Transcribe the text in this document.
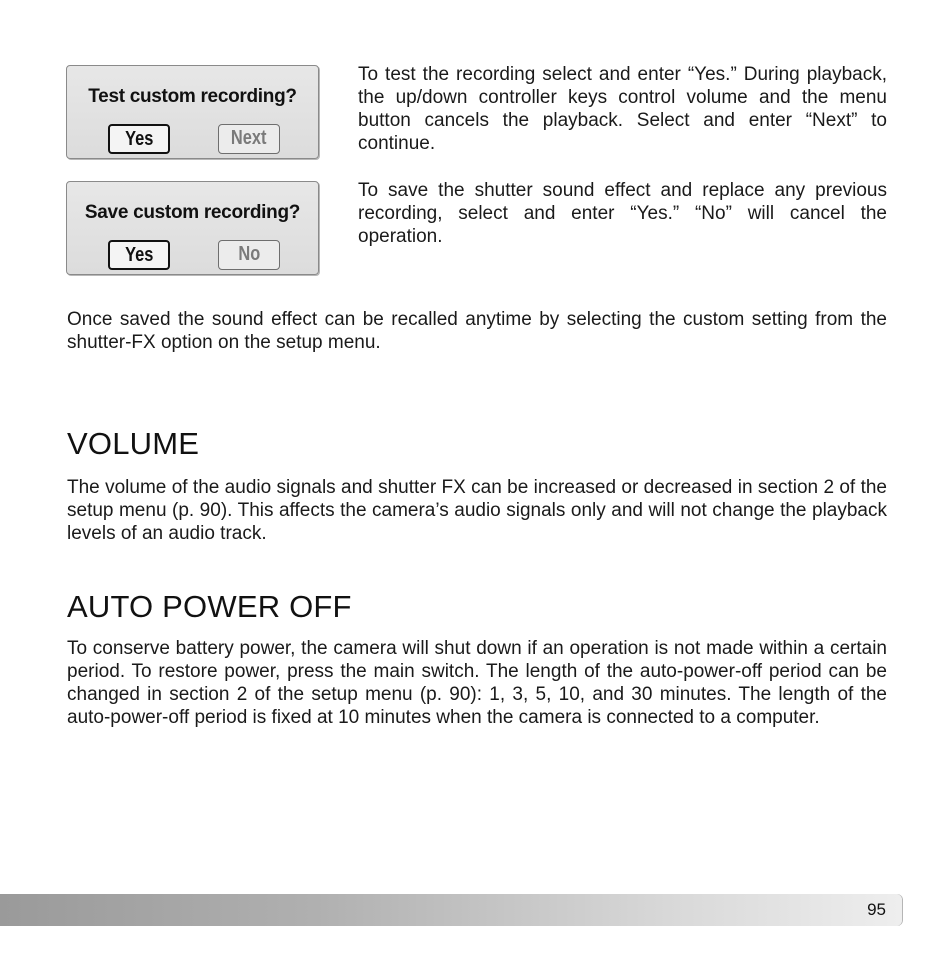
Test custom recording?
Yes	Next

To test the recording select and enter “Yes.” During playback, the up/down controller keys control volume and the menu button cancels the playback. Select and enter “Next” to continue.

Save custom recording?
Yes	No

To save the shutter sound effect and replace any previous recording, select and enter “Yes.” “No” will cancel the operation.

Once saved the sound effect can be recalled anytime by selecting the custom setting from the shutter-FX option on the setup menu.

VOLUME

The volume of the audio signals and shutter FX can be increased or decreased in section 2 of the setup menu (p. 90). This affects the camera’s audio signals only and will not change the playback levels of an audio track.

AUTO POWER OFF

To conserve battery power, the camera will shut down if an operation is not made within a certain period. To restore power, press the main switch. The length of the auto-power-off period can be changed in section 2 of the setup menu (p. 90): 1, 3, 5, 10, and 30 minutes. The length of the auto-power-off period is fixed at 10 minutes when the camera is connected to a computer.

95
